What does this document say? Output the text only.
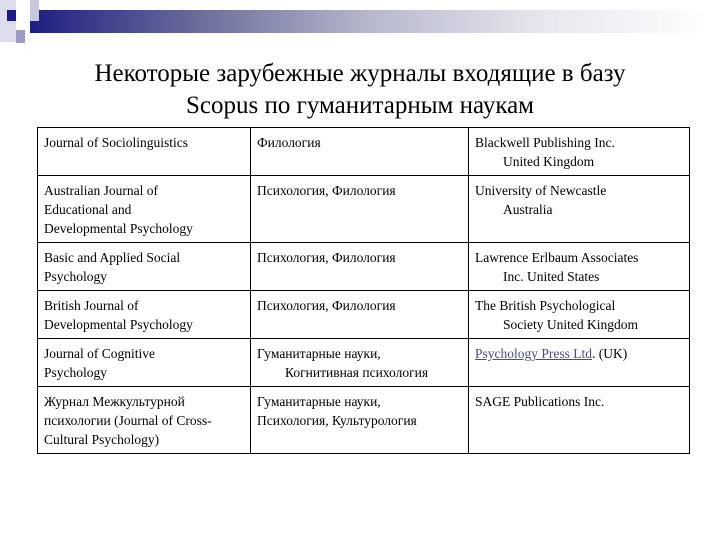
Некоторые зарубежные журналы входящие в базу
Scopus по гуманитарным наукам
Journal of Sociolinguistics	Филология	Blackwell Publishing Inc.
United Kingdom

Australian Journal of
Educational and
Developmental Psychology	Психология, Филология	University of Newcastle
Australia

Basic and Applied Social
Psychology	Психология, Филология	Lawrence Erlbaum Associates
Inc. United States

British Journal of
Developmental Psychology	Психология, Филология	The British Psychological
Society United Kingdom

Journal of Cognitive
Psychology	Гуманитарные науки,
Когнитивная психология	Psychology Press Ltd. (UK)

Журнал Межкультурной
психологии (Journal of Cross-
Cultural Psychology)	Гуманитарные науки,
Психология, Культурология	SAGE Publications Inc.
